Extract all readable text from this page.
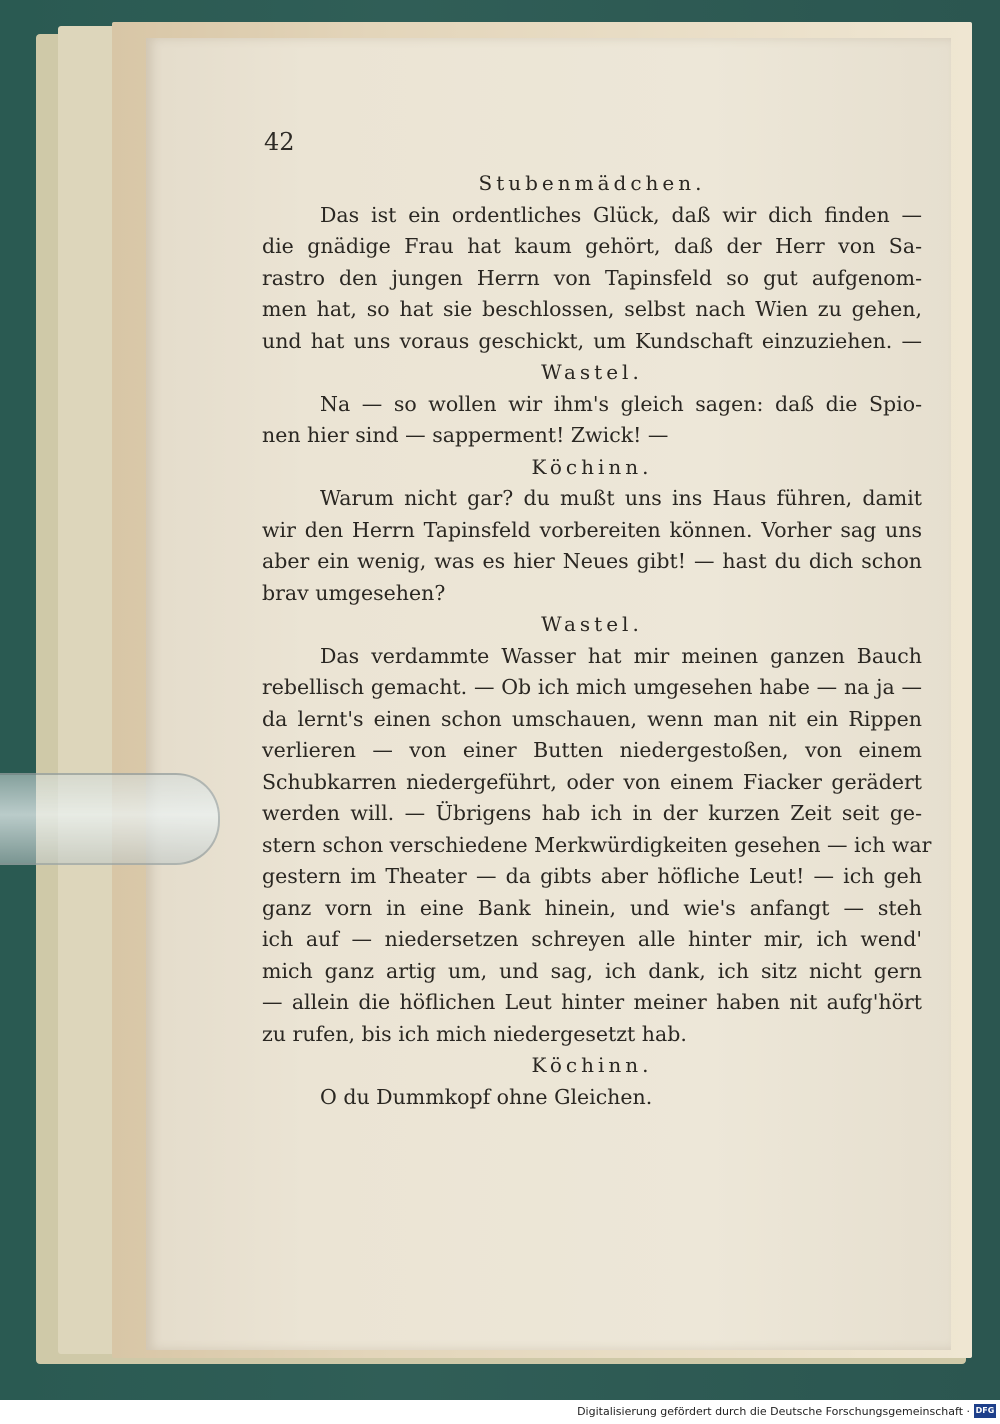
42
Stubenmädchen.
Das ist ein ordentliches Glück, daß wir dich finden —
die gnädige Frau hat kaum gehört, daß der Herr von Sa-
rastro den jungen Herrn von Tapinsfeld so gut aufgenom-
men hat, so hat sie beschlossen, selbst nach Wien zu gehen,
und hat uns voraus geschickt, um Kundschaft einzuziehen. —
Wastel.
Na — so wollen wir ihm's gleich sagen: daß die Spio-
nen hier sind — sapperment! Zwick! —
Köchinn.
Warum nicht gar? du mußt uns ins Haus führen, damit
wir den Herrn Tapinsfeld vorbereiten können. Vorher sag uns
aber ein wenig, was es hier Neues gibt! — hast du dich schon
brav umgesehen?
Wastel.
Das verdammte Wasser hat mir meinen ganzen Bauch
rebellisch gemacht. — Ob ich mich umgesehen habe — na ja —
da lernt's einen schon umschauen, wenn man nit ein Rippen
verlieren — von einer Butten niedergestoßen, von einem
Schubkarren niedergeführt, oder von einem Fiacker gerädert
werden will. — Übrigens hab ich in der kurzen Zeit seit ge-
stern schon verschiedene Merkwürdigkeiten gesehen — ich war
gestern im Theater — da gibts aber höfliche Leut! — ich geh
ganz vorn in eine Bank hinein, und wie's anfangt — steh
ich auf — niedersetzen schreyen alle hinter mir, ich wend'
mich ganz artig um, und sag, ich dank, ich sitz nicht gern
— allein die höflichen Leut hinter meiner haben nit aufg'hört
zu rufen, bis ich mich niedergesetzt hab.
Köchinn.
O du Dummkopf ohne Gleichen.
Digitalisierung gefördert durch die Deutsche Forschungsgemeinschaft · DFG
